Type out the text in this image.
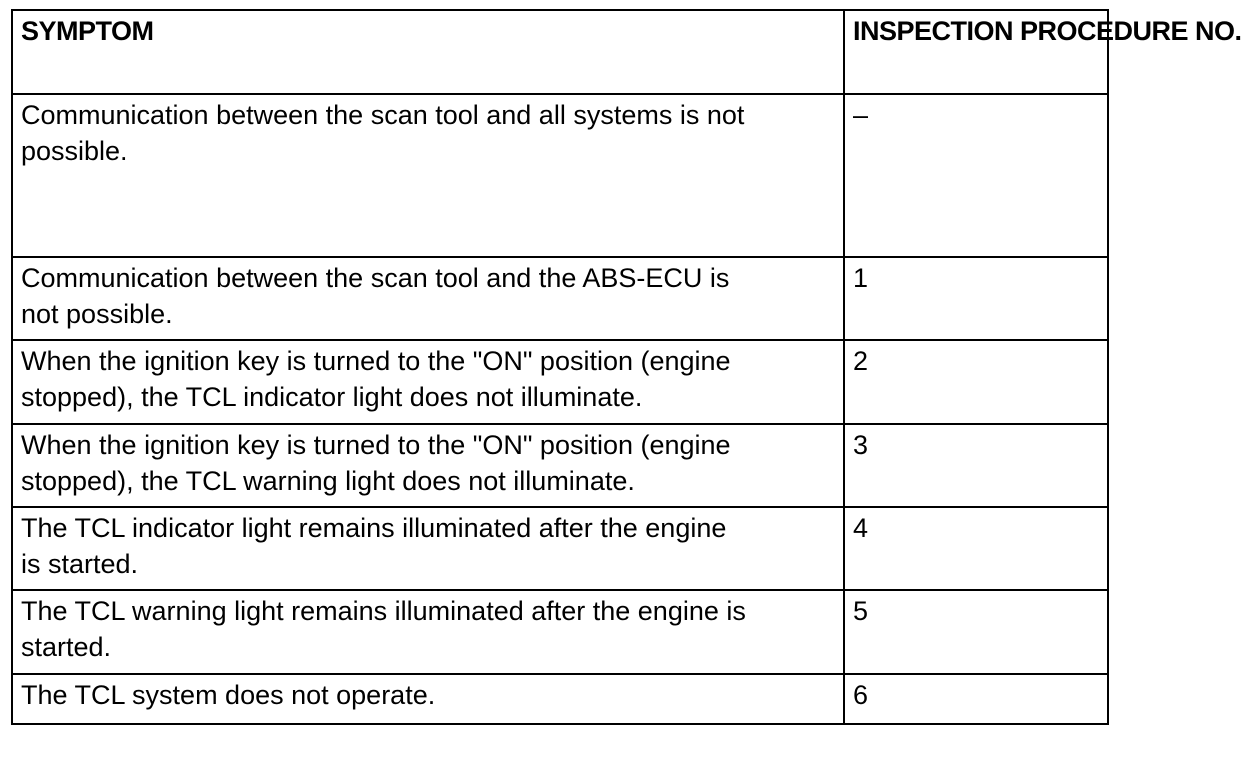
SYMPTOM	INSPECTION PROCEDURE NO.
Communication between the scan tool and all systems is not
possible.
–
Communication between the scan tool and the ABS-ECU is
not possible.
1
When the ignition key is turned to the "ON" position (engine
stopped), the TCL indicator light does not illuminate.
2
When the ignition key is turned to the "ON" position (engine
stopped), the TCL warning light does not illuminate.
3
The TCL indicator light remains illuminated after the engine
is started.
4
The TCL warning light remains illuminated after the engine is
started.
5
The TCL system does not operate.	6
